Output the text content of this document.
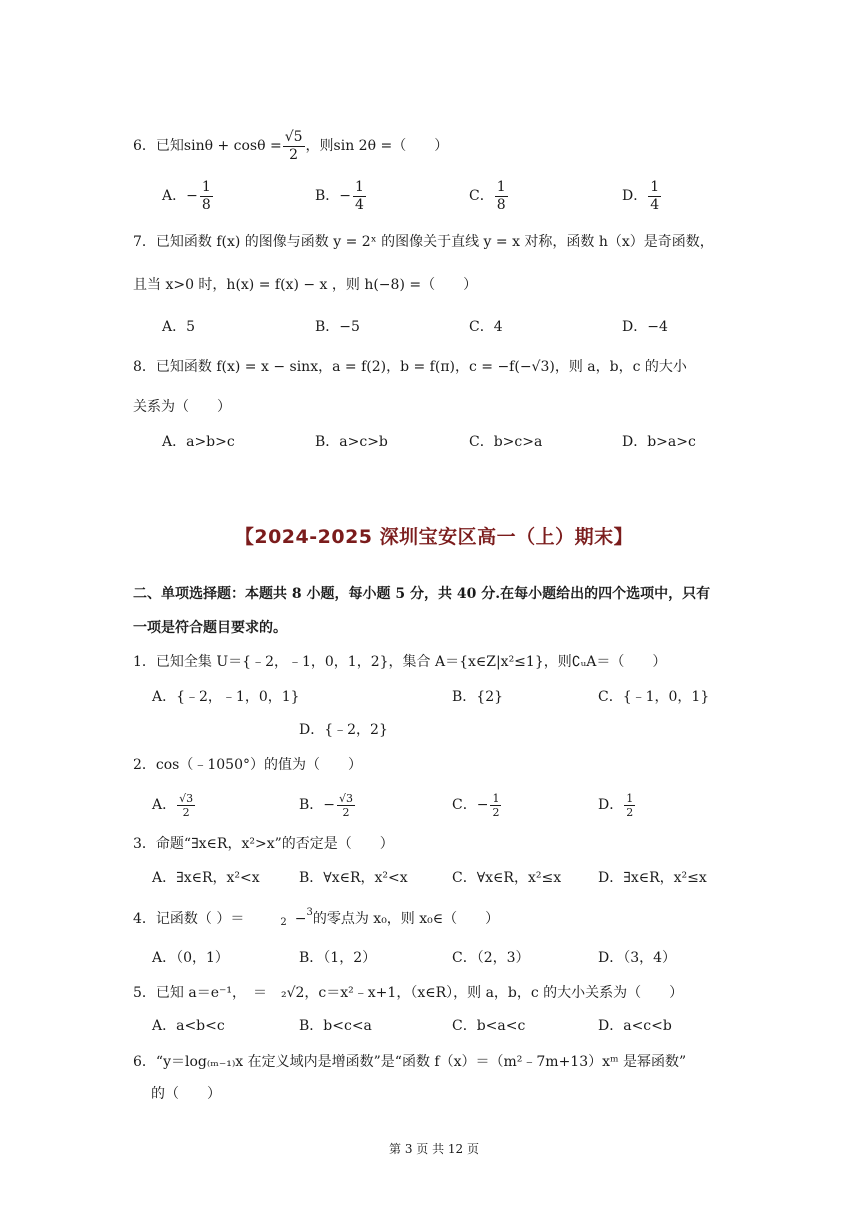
6．已知$\sin\theta + \cos\theta = \frac{√5}{2}$ ，则sin 2θ =（　　）
A． − $\frac{1}{8}$	B． − $\frac{1}{4}$	C． $\frac{1}{8}$	D． $\frac{1}{4}$
7．已知函数 f(x) 的图像与函数 y = 2ˣ 的图像关于直线 y = x 对称，函数 h（x）是奇函数，
且当 x>0 时，h(x) = f(x) − x ，则 h(−8) =（　　）
A．5	B．−5	C．4	D．−4
8．已知函数 f(x) = x − sinx，a = f(2)，b = f(π)，c = −f(−√3)，则 a，b，c 的大小
关系为（　　）
A．a>b>c	B．a>c>b	C．b>c>a	D．b>a>c
【2024-2025 深圳宝安区高一（上）期末】
二、单项选择题：本题共 8 小题，每小题 5 分，共 40 分.在每小题给出的四个选项中，只有
一项是符合题目要求的。
1．已知全集 U＝{﹣2，﹣1，0，1，2}，集合 A＝{x∈Z|x²≤1}，则∁ᵤA＝（　　）
A．{﹣2，﹣1，0，1}	B．{2}	C．{﹣1，0，1}
D．{﹣2，2}
2．cos（﹣1050°）的值为（　　）
A． $\frac{√3}{2}$	B． − $\frac{√3}{2}$	C． − $\frac{1}{2}$	D． $\frac{1}{2}$
3．命题“∃x∈R，x²>x”的否定是（　　）
A．∃x∈R，x²<x	B．∀x∈R，x²<x	C．∀x∈R，x²≤x	D．∃x∈R，x²≤x
4．记函数（ ）＝	2 − 3 的零点为 x₀，则 x₀∈（　　）
A．（0，1）	B．（1，2）	C．（2，3）	D．（3，4）
5．已知 a＝e⁻¹，　＝　₂√2，c＝x²﹣x+1，（x∈R），则 a，b，c 的大小关系为（　　）
A．a<b<c	B．b<c<a	C．b<a<c	D．a<c<b
6．“y＝log₍ₘ₋₁₎x 在定义域内是增函数”是“函数 f（x）＝（m²﹣7m+13）xᵐ 是幂函数”
的（　　）
第 3 页 共 12 页
